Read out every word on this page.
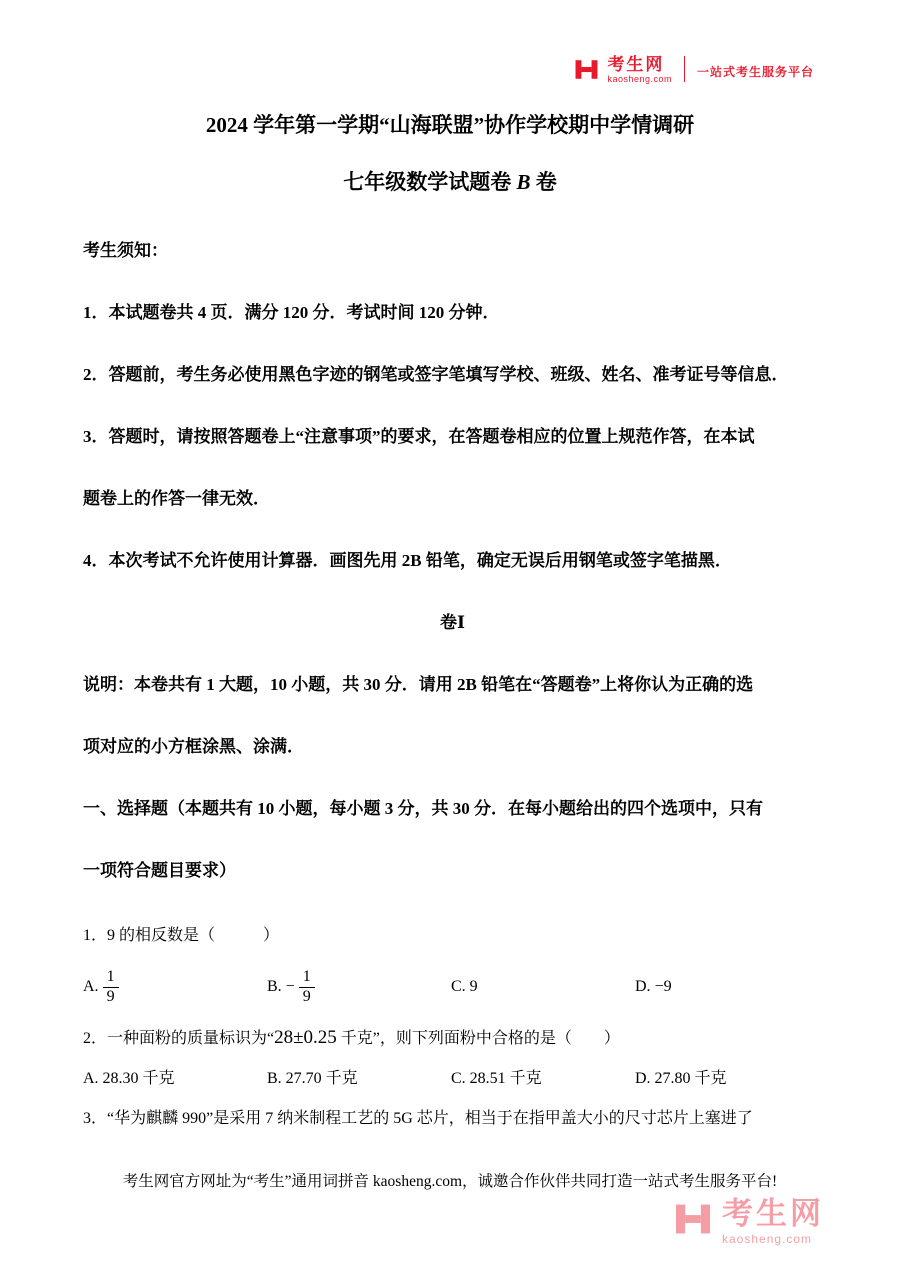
考生网
kaosheng.com 一站式考生服务平台
2024 学年第一学期“山海联盟”协作学校期中学情调研
七年级数学试题卷 B 卷

考生须知：

1．本试题卷共 4 页．满分 120 分．考试时间 120 分钟．

2．答题前，考生务必使用黑色字迹的钢笔或签字笔填写学校、班级、姓名、准考证号等信息．

3．答题时，请按照答题卷上“注意事项”的要求，在答题卷相应的位置上规范作答，在本试

题卷上的作答一律无效．

4．本次考试不允许使用计算器．画图先用 2B 铅笔，确定无误后用钢笔或签字笔描黑．

卷Ⅰ

说明：本卷共有 1 大题，10 小题，共 30 分．请用 2B 铅笔在“答题卷”上将你认为正确的选

项对应的小方框涂黑、涂满．

一、选择题（本题共有 10 小题，每小题 3 分，共 30 分．在每小题给出的四个选项中，只有

一项符合题目要求）

1．9 的相反数是（　　　）

A. $\frac{1}{9}$	B. − $\frac{1}{9}$	C. 9	D. −9

2．一种面粉的质量标识为“28±0.25 千克”，则下列面粉中合格的是（　　）

A. 28.30 千克	B. 27.70 千克	C. 28.51 千克	D. 27.80 千克

3．“华为麒麟 990”是采用 7 纳米制程工艺的 5G 芯片，相当于在指甲盖大小的尺寸芯片上塞进了

考生网官方网址为“考生”通用词拼音 kaosheng.com，诚邀合作伙伴共同打造一站式考生服务平台!
考生网
kaosheng.com
